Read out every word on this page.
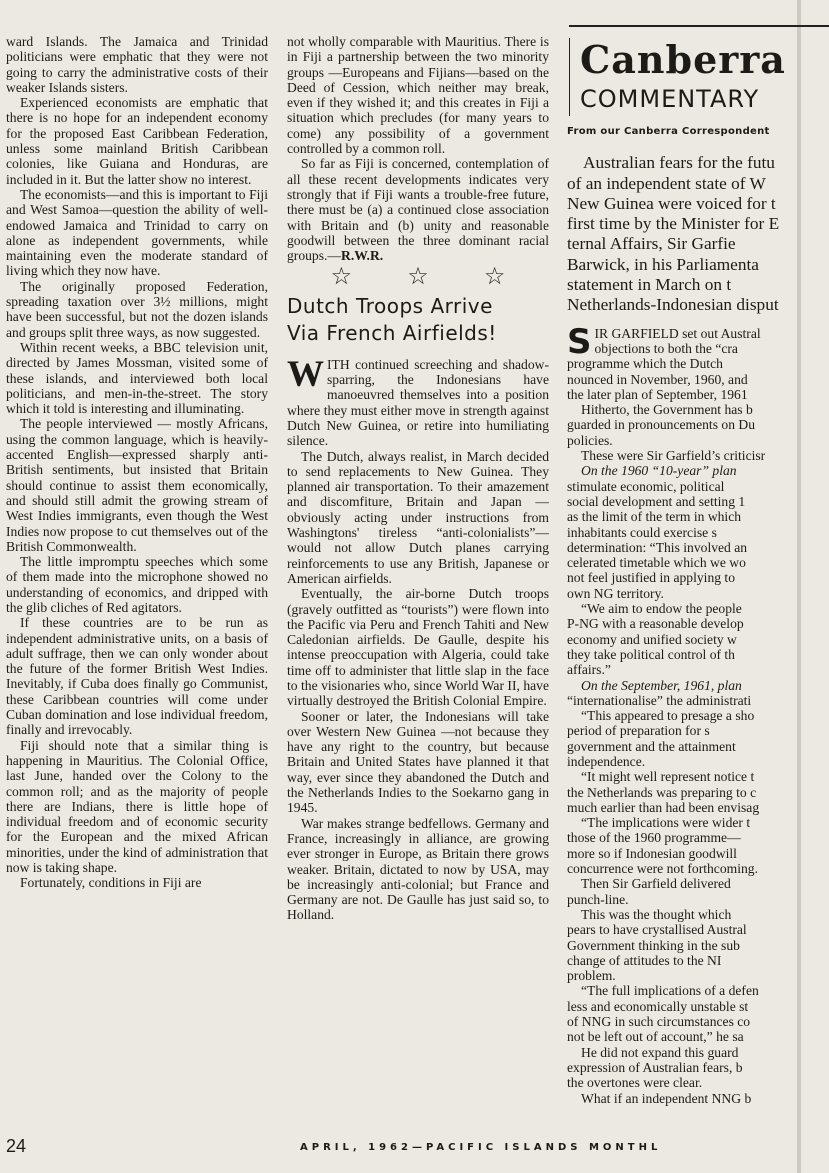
ward Islands. The Jamaica and Trinidad politicians were emphatic that they were not going to carry the administrative costs of their weaker Islands sisters.

Experienced economists are emphatic that there is no hope for an independent economy for the proposed East Caribbean Federation, unless some mainland British Caribbean colonies, like Guiana and Honduras, are included in it. But the latter show no interest.

The economists—and this is important to Fiji and West Samoa—question the ability of well-endowed Jamaica and Trinidad to carry on alone as independent governments, while maintaining even the moderate standard of living which they now have.

The originally proposed Federation, spreading taxation over 3½ millions, might have been successful, but not the dozen islands and groups split three ways, as now suggested.

Within recent weeks, a BBC television unit, directed by James Mossman, visited some of these islands, and interviewed both local politicians, and men-in-the-street. The story which it told is interesting and illuminating.

The people interviewed — mostly Africans, using the common language, which is heavily-accented English—expressed sharply anti-British sentiments, but insisted that Britain should continue to assist them economically, and should still admit the growing stream of West Indies immigrants, even though the West Indies now propose to cut themselves out of the British Commonwealth.

The little impromptu speeches which some of them made into the microphone showed no understanding of economics, and dripped with the glib cliches of Red agitators.

If these countries are to be run as independent administrative units, on a basis of adult suffrage, then we can only wonder about the future of the former British West Indies. Inevitably, if Cuba does finally go Communist, these Caribbean countries will come under Cuban domination and lose individual freedom, finally and irrevocably.

Fiji should note that a similar thing is happening in Mauritius. The Colonial Office, last June, handed over the Colony to the common roll; and as the majority of people there are Indians, there is little hope of individual freedom and of economic security for the European and the mixed African minorities, under the kind of administration that now is taking shape.

Fortunately, conditions in Fiji are

not wholly comparable with Mauritius. There is in Fiji a partnership between the two minority groups —Europeans and Fijians—based on the Deed of Cession, which neither may break, even if they wished it; and this creates in Fiji a situation which precludes (for many years to come) any possibility of a government controlled by a common roll.

So far as Fiji is concerned, contemplation of all these recent developments indicates very strongly that if Fiji wants a trouble-free future, there must be (a) a continued close association with Britain and (b) unity and reasonable goodwill between the three dominant racial groups.—R.W.R.

☆ ☆ ☆
Dutch Troops Arrive
Via French Airfields!

WITH continued screeching and shadow-sparring, the Indonesians have manoeuvred themselves into a position where they must either move in strength against Dutch New Guinea, or retire into humiliating silence.

The Dutch, always realist, in March decided to send replacements to New Guinea. They planned air transportation. To their amazement and discomfiture, Britain and Japan —obviously acting under instructions from Washingtons' tireless “anti-colonialists”—would not allow Dutch planes carrying reinforcements to use any British, Japanese or American airfields.

Eventually, the air-borne Dutch troops (gravely outfitted as “tourists”) were flown into the Pacific via Peru and French Tahiti and New Caledonian airfields. De Gaulle, despite his intense preoccupation with Algeria, could take time off to administer that little slap in the face to the visionaries who, since World War II, have virtually destroyed the British Colonial Empire.

Sooner or later, the Indonesians will take over Western New Guinea —not because they have any right to the country, but because Britain and United States have planned it that way, ever since they abandoned the Dutch and the Netherlands Indies to the Soekarno gang in 1945.

War makes strange bedfellows. Germany and France, increasingly in alliance, are growing ever stronger in Europe, as Britain there grows weaker. Britain, dictated to now by USA, may be increasingly anti-colonial; but France and Germany are not. De Gaulle has just said so, to Holland.

Canberra
COMMENTARY
From our Canberra Correspondent
Australian fears for the futu
of an independent state of W
New Guinea were voiced for t
first time by the Minister for E
ternal Affairs, Sir Garfie
Barwick, in his Parliamenta
statement in March on t
Netherlands-Indonesian disput

SIR GARFIELD set out Austral
objections to both the “cra
programme which the Dutch
nounced in November, 1960, and
the later plan of September, 1961

Hitherto, the Government has b
guarded in pronouncements on Du
policies.

These were Sir Garfield’s criticisr

On the 1960 “10-year” plan
stimulate economic, political
social development and setting 1
as the limit of the term in which
inhabitants could exercise s
determination: “This involved an
celerated timetable which we wo
not feel justified in applying to
own NG territory.

“We aim to endow the people
P-NG with a reasonable develop
economy and unified society w
they take political control of th
affairs.”

On the September, 1961, plan
“internationalise” the administrati

“This appeared to presage a sho
period of preparation for s
government and the attainment
independence.

“It might well represent notice t
the Netherlands was preparing to c
much earlier than had been envisag

“The implications were wider t
those of the 1960 programme—
more so if Indonesian goodwill
concurrence were not forthcoming.

Then Sir Garfield delivered
punch-line.

This was the thought which
pears to have crystallised Austral
Government thinking in the sub
change of attitudes to the NI
problem.

“The full implications of a defen
less and economically unstable st
of NNG in such circumstances co
not be left out of account,” he sa

He did not expand this guard
expression of Australian fears, b
the overtones were clear.

What if an independent NNG b

24	APRIL, 1962—PACIFIC ISLANDS MONTHL
